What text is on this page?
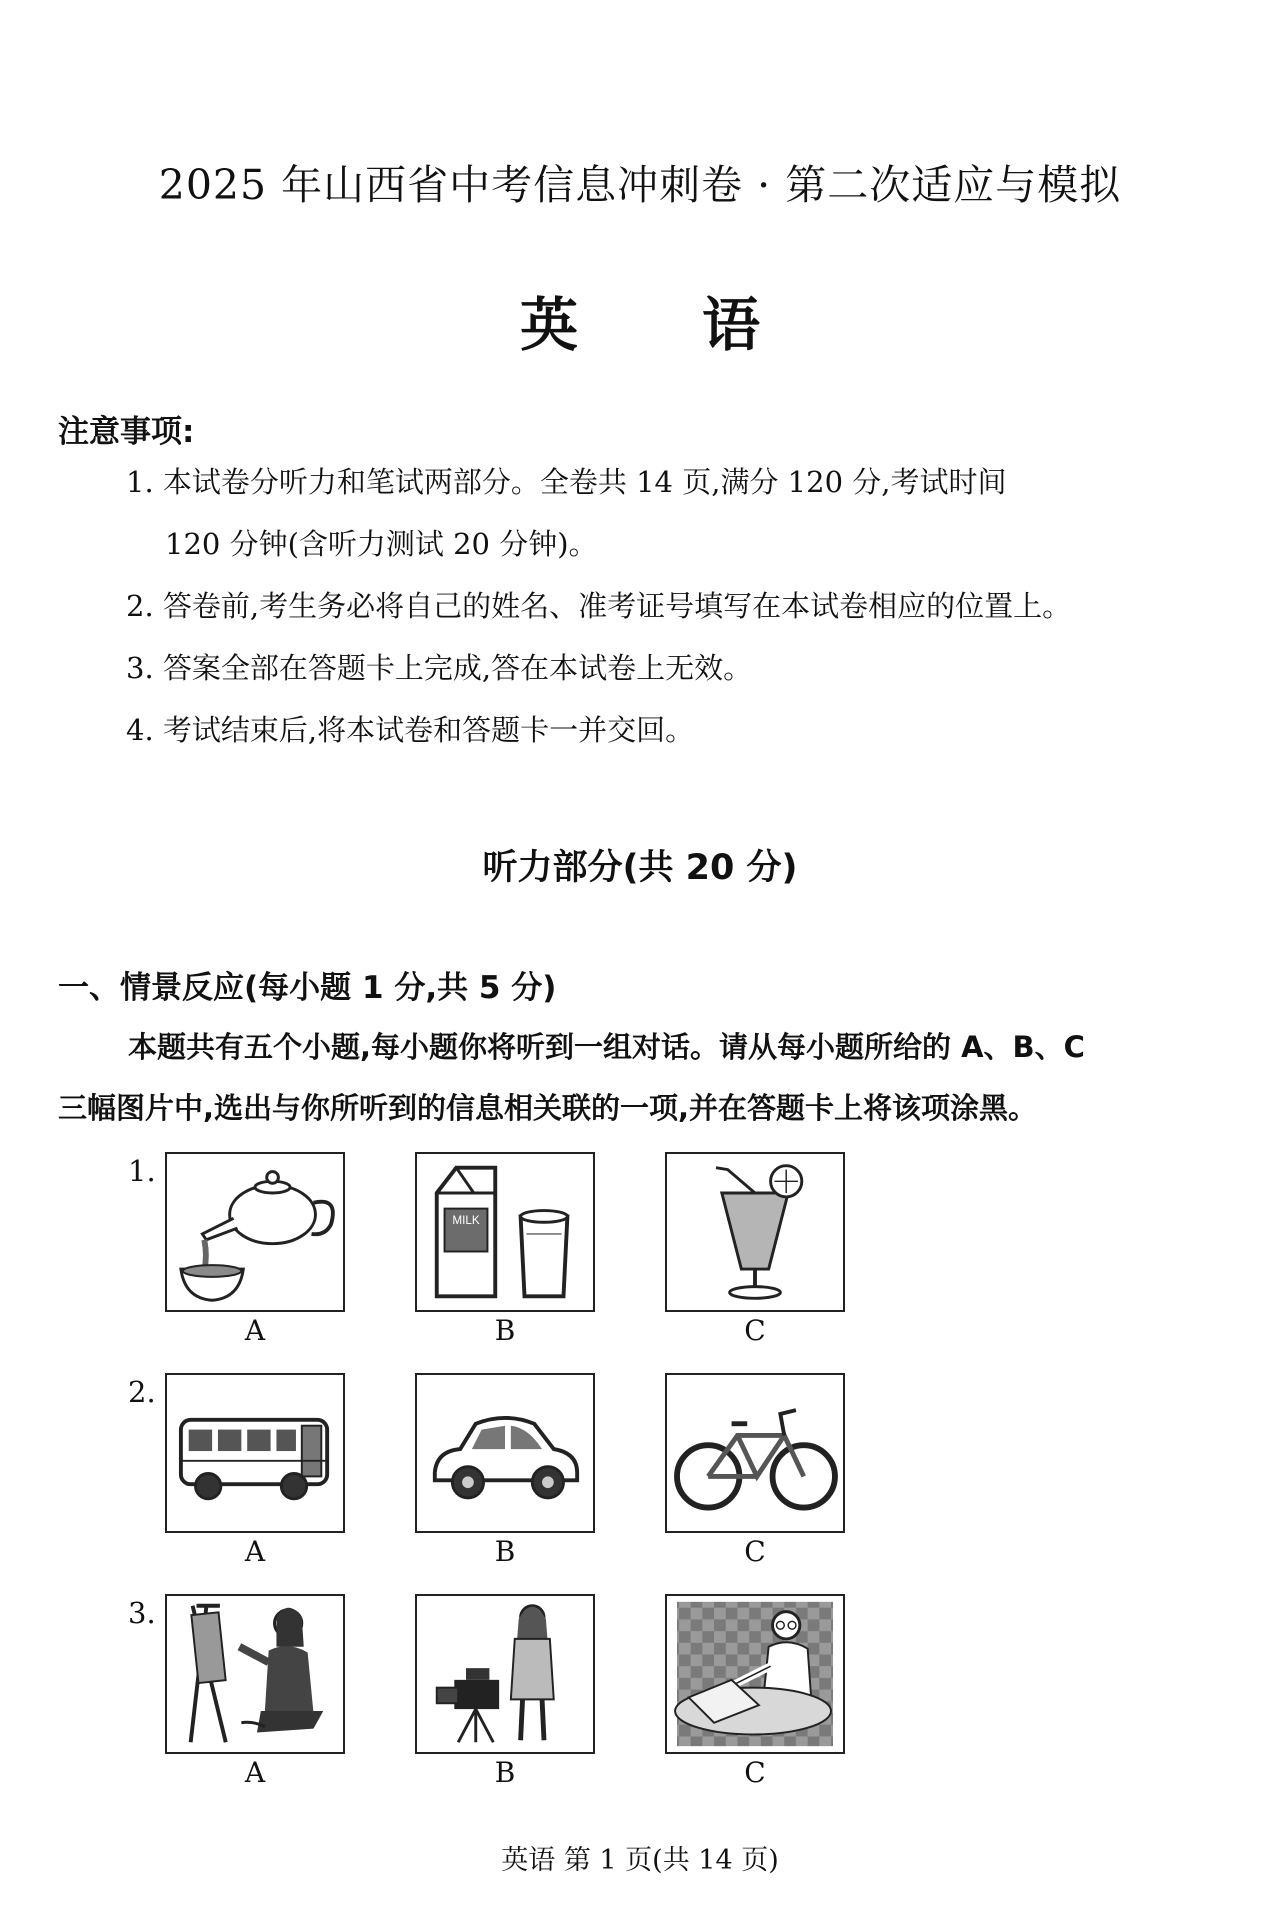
2025 年山西省中考信息冲刺卷 · 第二次适应与模拟
英 语
注意事项:
1. 本试卷分听力和笔试两部分。全卷共 14 页,满分 120 分,考试时间
120 分钟(含听力测试 20 分钟)。
2. 答卷前,考生务必将自己的姓名、准考证号填写在本试卷相应的位置上。
3. 答案全部在答题卡上完成,答在本试卷上无效。
4. 考试结束后,将本试卷和答题卡一并交回。
听力部分(共 20 分)
一、情景反应(每小题 1 分,共 5 分)
本题共有五个小题,每小题你将听到一组对话。请从每小题所给的 A、B、C
三幅图片中,选出与你所听到的信息相关联的一项,并在答题卡上将该项涂黑。
1.
A
MILK
B	C
2.
A	B	C
3.
A	B	C
英语 第 1 页(共 14 页)
